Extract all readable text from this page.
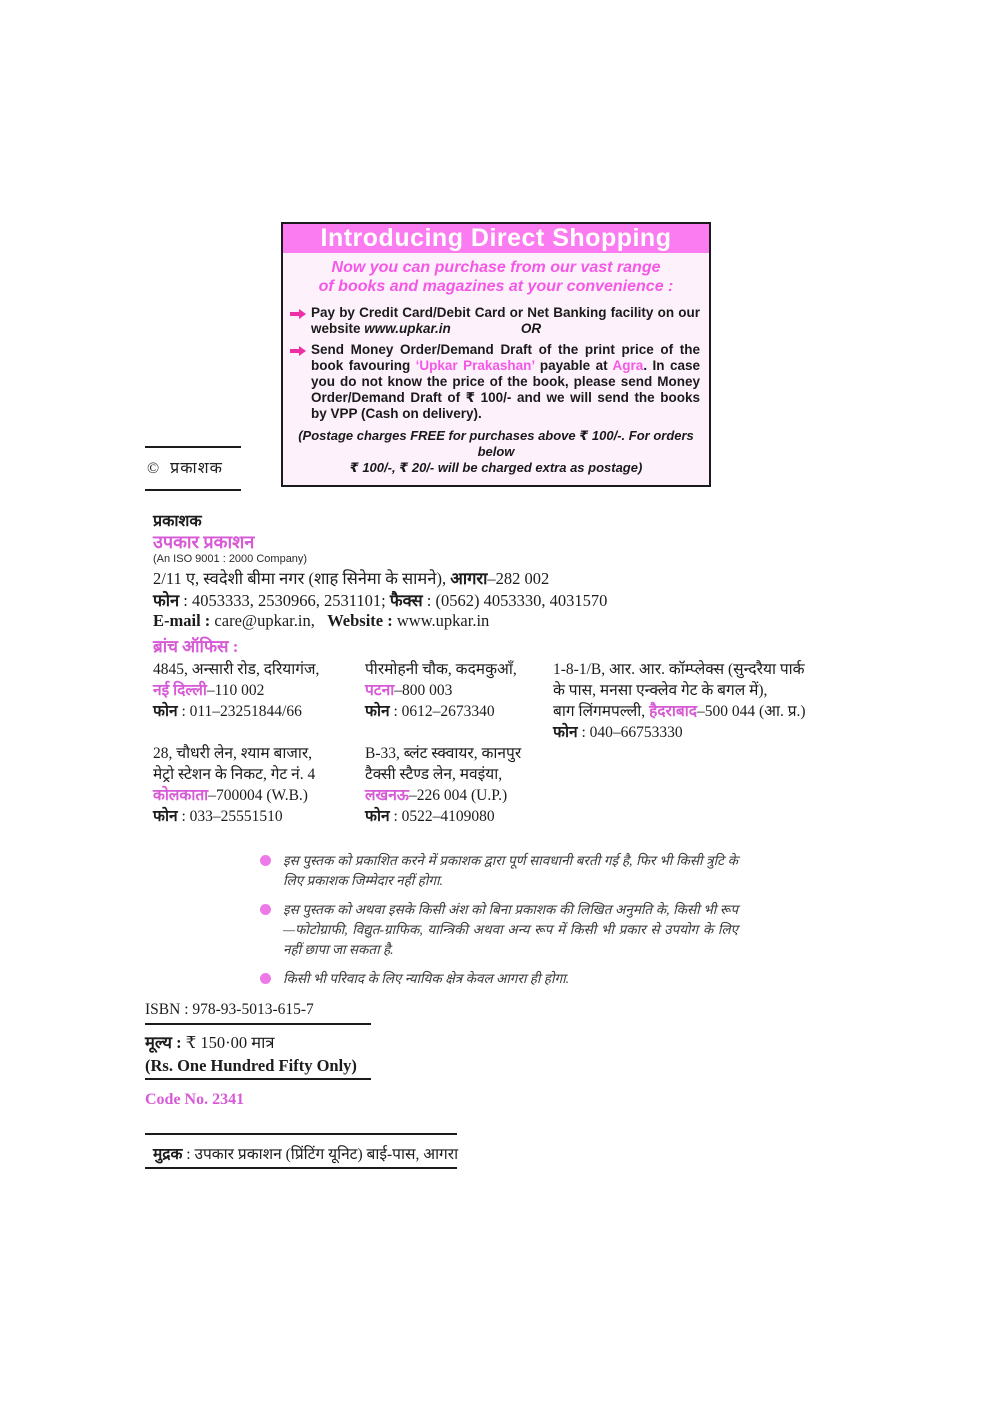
Introducing Direct Shopping
Now you can purchase from our vast range
of books and magazines at your convenience :
Pay by Credit Card/Debit Card or Net Banking facility on our website www.upkar.in	OR
Send Money Order/Demand Draft of the print price of the book favouring ‘Upkar Prakashan’ payable at Agra. In case you do not know the price of the book, please send Money Order/Demand Draft of ₹ 100/- and we will send the books by VPP (Cash on delivery).
(Postage charges FREE for purchases above ₹ 100/-. For orders below
₹ 100/-, ₹ 20/- will be charged extra as postage)
© प्रकाशक
प्रकाशक
उपकार प्रकाशन
(An ISO 9001 : 2000 Company)
2/11 ए, स्वदेशी बीमा नगर (शाह सिनेमा के सामने), आगरा–282 002
फोन : 4053333, 2530966, 2531101; फैक्स : (0562) 4053330, 4031570
E-mail : care@upkar.in, Website : www.upkar.in
ब्रांच ऑफिस :
4845, अन्सारी रोड, दरियागंज,
नई दिल्ली–110 002
फोन : 011–23251844/66
पीरमोहनी चौक, कदमकुआँ,
पटना–800 003
फोन : 0612–2673340
1-8-1/B, आर. आर. कॉम्प्लेक्स (सुन्दरैया पार्क
के पास, मनसा एन्क्लेव गेट के बगल में),
बाग लिंगमपल्ली, हैदराबाद–500 044 (आ. प्र.)
फोन : 040–66753330
28, चौधरी लेन, श्याम बाजार,
मेट्रो स्टेशन के निकट, गेट नं. 4
कोलकाता–700004 (W.B.)
फोन : 033–25551510
B-33, ब्लंट स्क्वायर, कानपुर
टैक्सी स्टैण्ड लेन, मवइंया,
लखनऊ–226 004 (U.P.)
फोन : 0522–4109080
इस पुस्तक को प्रकाशित करने में प्रकाशक द्वारा पूर्ण सावधानी बरती गई है, फिर भी किसी त्रुटि के लिए प्रकाशक जिम्मेदार नहीं होगा.
इस पुस्तक को अथवा इसके किसी अंश को बिना प्रकाशक की लिखित अनुमति के, किसी भी रूप—फोटोग्राफी, विद्युत-ग्राफिक, यान्त्रिकी अथवा अन्य रूप में किसी भी प्रकार से उपयोग के लिए नहीं छापा जा सकता है.
किसी भी परिवाद के लिए न्यायिक क्षेत्र केवल आगरा ही होगा.
ISBN : 978-93-5013-615-7
मूल्य : ₹ 150·00 मात्र
(Rs. One Hundred Fifty Only)
Code No. 2341
मुद्रक : उपकार प्रकाशन (प्रिंटिंग यूनिट) बाई-पास, आगरा
